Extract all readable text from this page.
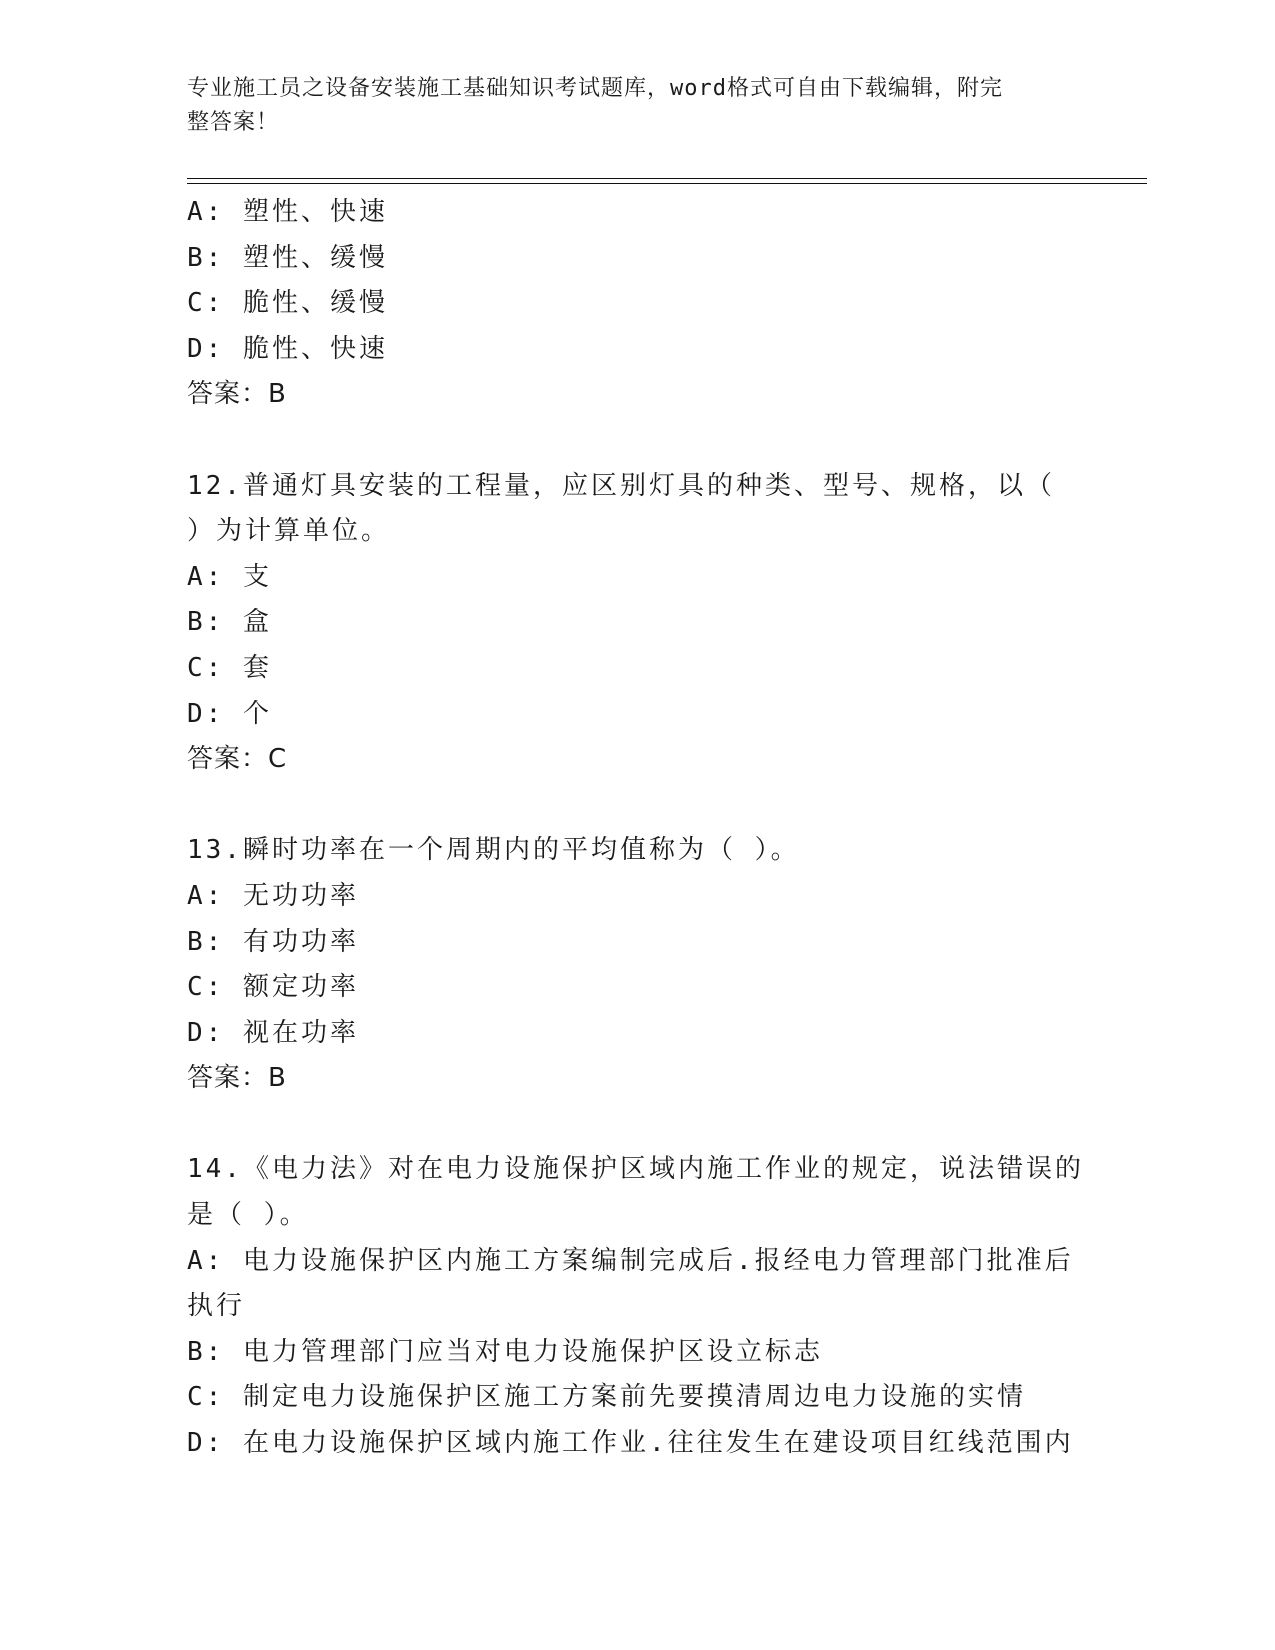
专业施工员之设备安装施工基础知识考试题库，word格式可自由下载编辑，附完
整答案！
A: 塑性、快速
B: 塑性、缓慢
C: 脆性、缓慢
D: 脆性、快速
答案：B
12.普通灯具安装的工程量，应区别灯具的种类、型号、规格，以（
）为计算单位。
A: 支
B: 盒
C: 套
D: 个
答案：C
13.瞬时功率在一个周期内的平均值称为（ ）。
A: 无功功率
B: 有功功率
C: 额定功率
D: 视在功率
答案：B
14.《电力法》对在电力设施保护区域内施工作业的规定，说法错误的
是（ ）。
A: 电力设施保护区内施工方案编制完成后.报经电力管理部门批准后
执行
B: 电力管理部门应当对电力设施保护区设立标志
C: 制定电力设施保护区施工方案前先要摸清周边电力设施的实情
D: 在电力设施保护区域内施工作业.往往发生在建设项目红线范围内
